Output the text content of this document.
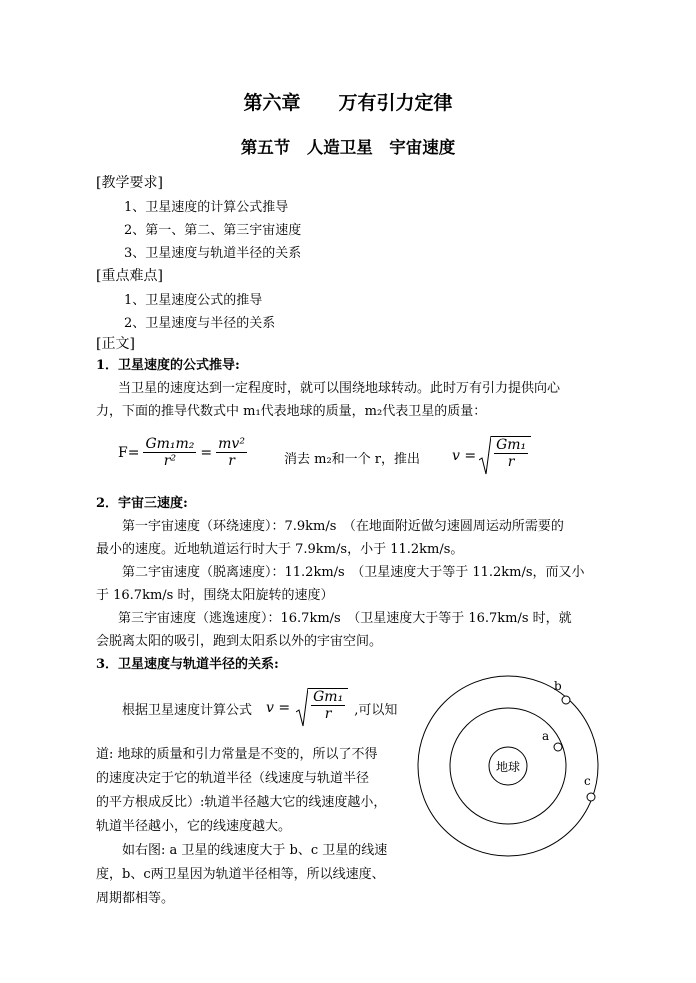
第六章　　万有引力定律
第五节　人造卫星　宇宙速度
[教学要求]
1、卫星速度的计算公式推导
2、第一、第二、第三宇宙速度
3、卫星速度与轨道半径的关系
[重点难点]
1、卫星速度公式的推导
2、卫星速度与半径的关系
[正文]
1．卫星速度的公式推导:
当卫星的速度达到一定程度时，就可以围绕地球转动。此时万有引力提供向心
力，下面的推导代数式中 m₁代表地球的质量，m₂代表卫星的质量：
$F= \frac{\text{Gm₁m₂}}{\text{r²}} = \frac{\text{mv²}}{r}$	消去 m₂和一个 r，推出 $v = \frac{\text{Gm₁}}{r}$
2．宇宙三速度:
第一宇宙速度（环绕速度）：7.9km/s　（在地面附近做匀速圆周运动所需要的
最小的速度。近地轨道运行时大于 7.9km/s，小于 11.2km/s。
第二宇宙速度（脱离速度）：11.2km/s　（卫星速度大于等于 11.2km/s，而又小
于 16.7km/s 时，围绕太阳旋转的速度）
第三宇宙速度（逃逸速度）：16.7km/s　（卫星速度大于等于 16.7km/s 时，就
会脱离太阳的吸引，跑到太阳系以外的宇宙空间。
3．卫星速度与轨道半径的关系:
根据卫星速度计算公式 $v = \frac{\text{Gm₁}}{r}$ ,可以知
道: 地球的质量和引力常量是不变的，所以了不得
的速度决定于它的轨道半径（线速度与轨道半径
的平方根成反比）:轨道半径越大它的线速度越小，
轨道半径越小，它的线速度越大。
如右图: a 卫星的线速度大于 b、c 卫星的线速
度，b、c两卫星因为轨道半径相等，所以线速度、
周期都相等。
地球
a
b
c
